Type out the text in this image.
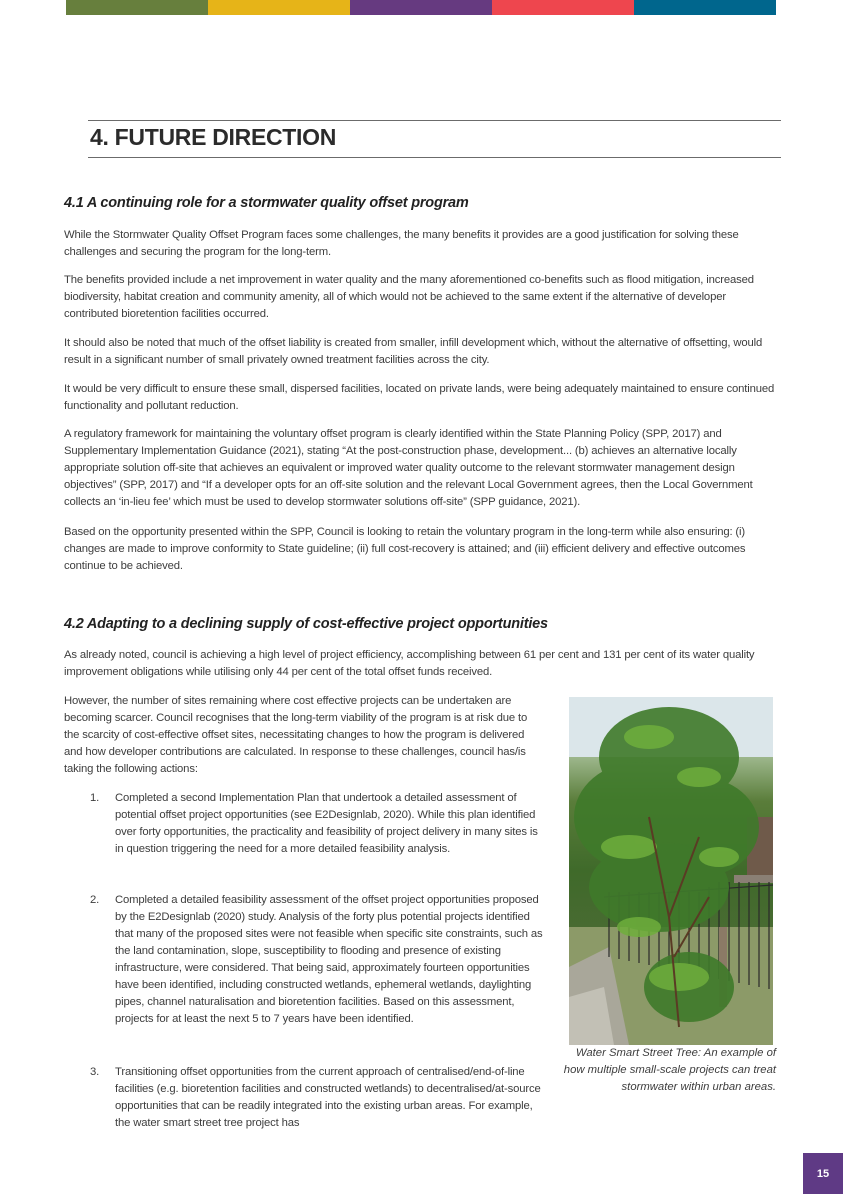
4. FUTURE DIRECTION
4.1 A continuing role for a stormwater quality offset program

While the Stormwater Quality Offset Program faces some challenges, the many benefits it provides are a good justification for solving these challenges and securing the program for the long-term.

The benefits provided include a net improvement in water quality and the many aforementioned co-benefits such as flood mitigation, increased biodiversity, habitat creation and community amenity, all of which would not be achieved to the same extent if the alternative of developer contributed bioretention facilities occurred.

It should also be noted that much of the offset liability is created from smaller, infill development which, without the alternative of offsetting, would result in a significant number of small privately owned treatment facilities across the city.

It would be very difficult to ensure these small, dispersed facilities, located on private lands, were being adequately maintained to ensure continued functionality and pollutant reduction.

A regulatory framework for maintaining the voluntary offset program is clearly identified within the State Planning Policy (SPP, 2017) and Supplementary Implementation Guidance (2021), stating “At the post-construction phase, development... (b) achieves an alternative locally appropriate solution off-site that achieves an equivalent or improved water quality outcome to the relevant stormwater management design objectives” (SPP, 2017) and “If a developer opts for an off-site solution and the relevant Local Government agrees, then the Local Government collects an ‘in-lieu fee’ which must be used to develop stormwater solutions off-site” (SPP guidance, 2021).

Based on the opportunity presented within the SPP, Council is looking to retain the voluntary program in the long-term while also ensuring: (i) changes are made to improve conformity to State guideline; (ii) full cost-recovery is attained; and (iii) efficient delivery and effective outcomes continue to be achieved.

4.2 Adapting to a declining supply of cost-effective project opportunities

As already noted, council is achieving a high level of project efficiency, accomplishing between 61 per cent and 131 per cent of its water quality improvement obligations while utilising only 44 per cent of the total offset funds received.

However, the number of sites remaining where cost effective projects can be undertaken are becoming scarcer. Council recognises that the long-term viability of the program is at risk due to the scarcity of cost-effective offset sites, necessitating changes to how the program is delivered and how developer contributions are calculated. In response to these challenges, council has/is taking the following actions:

1.	Completed a second Implementation Plan that undertook a detailed assessment of potential offset project opportunities (see E2Designlab, 2020). While this plan identified over forty opportunities, the practicality and feasibility of project delivery in many sites is in question triggering the need for a more detailed feasibility analysis.
2.	Completed a detailed feasibility assessment of the offset project opportunities proposed by the E2Designlab (2020) study. Analysis of the forty plus potential projects identified that many of the proposed sites were not feasible when specific site constraints, such as the land contamination, slope, susceptibility to flooding and presence of existing infrastructure, were considered. That being said, approximately fourteen opportunities have been identified, including constructed wetlands, ephemeral wetlands, daylighting pipes, channel naturalisation and bioretention facilities. Based on this assessment, projects for at least the next 5 to 7 years have been identified.
3.	Transitioning offset opportunities from the current approach of centralised/end-of-line facilities (e.g. bioretention facilities and constructed wetlands) to decentralised/at-source opportunities that can be readily integrated into the existing urban areas. For example, the water smart street tree project has

Water Smart Street Tree: An example of how multiple small-scale projects can treat stormwater within urban areas.

15
